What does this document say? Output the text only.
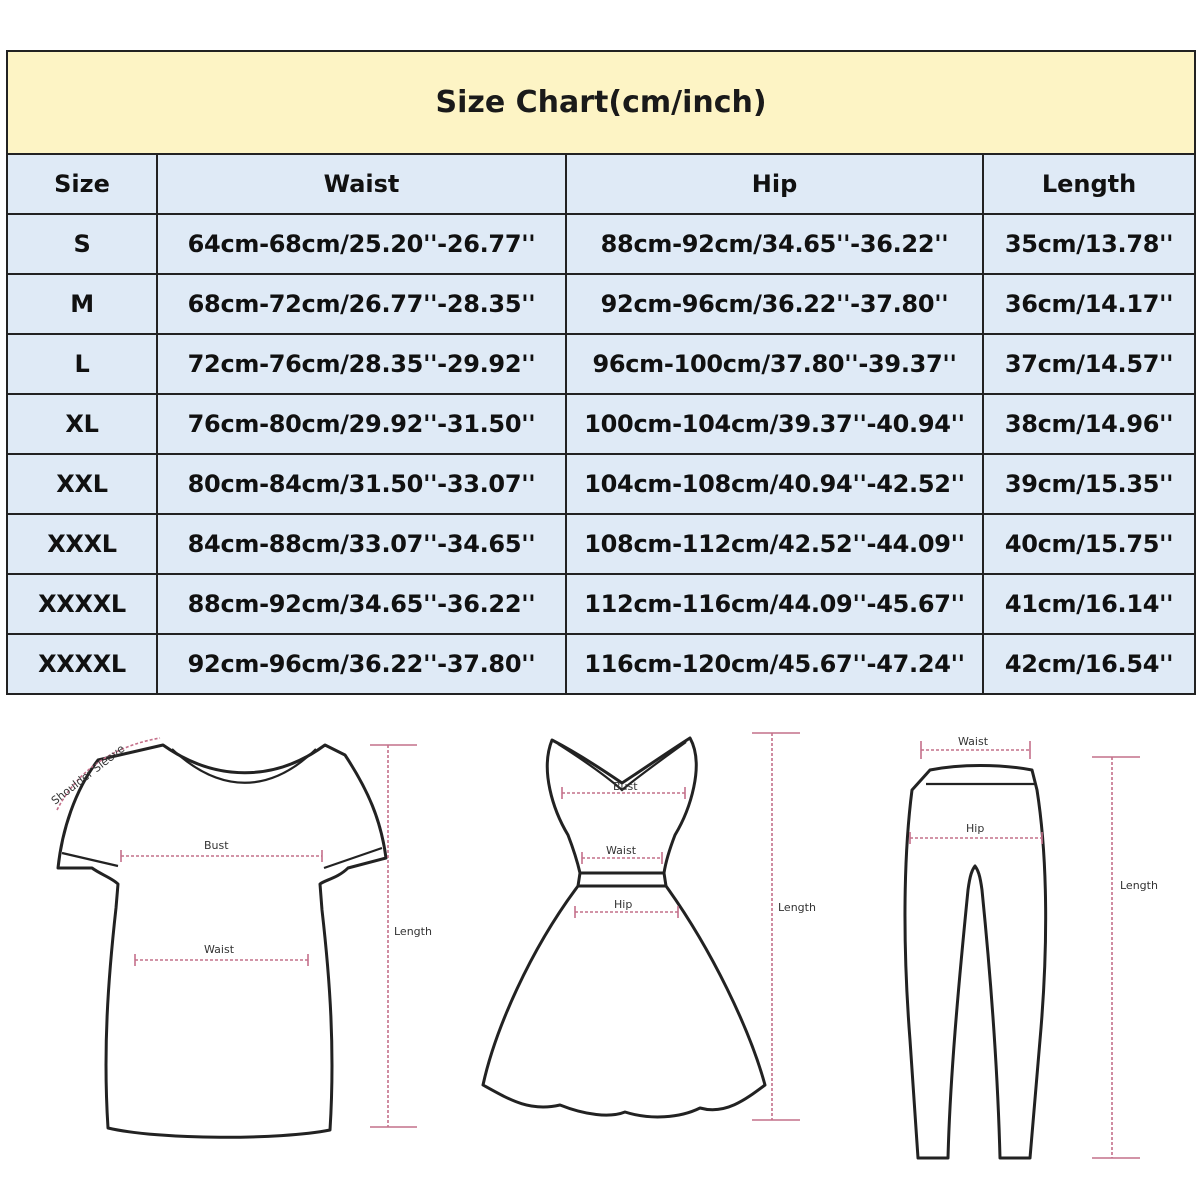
Size Chart(cm/inch)			
Size	Waist	Hip	Length
S	64cm-68cm/25.20''-26.77''	88cm-92cm/34.65''-36.22''	35cm/13.78''
M	68cm-72cm/26.77''-28.35''	92cm-96cm/36.22''-37.80''	36cm/14.17''
L	72cm-76cm/28.35''-29.92''	96cm-100cm/37.80''-39.37''	37cm/14.57''
XL	76cm-80cm/29.92''-31.50''	100cm-104cm/39.37''-40.94''	38cm/14.96''
XXL	80cm-84cm/31.50''-33.07''	104cm-108cm/40.94''-42.52''	39cm/15.35''
XXXL	84cm-88cm/33.07''-34.65''	108cm-112cm/42.52''-44.09''	40cm/15.75''
XXXXL	88cm-92cm/34.65''-36.22''	112cm-116cm/44.09''-45.67''	41cm/16.14''
XXXXL	92cm-96cm/36.22''-37.80''	116cm-120cm/45.67''-47.24''	42cm/16.54''
Shoulder Sleeve
Bust
Waist
Length
Bust
Waist
Hip	Length
Waist
Hip
Length
